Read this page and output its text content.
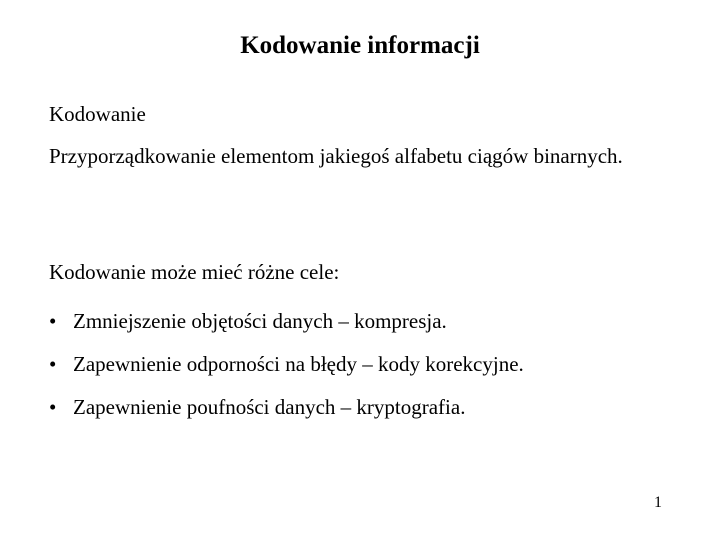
Kodowanie informacji
Kodowanie
Przyporządkowanie elementom jakiegoś alfabetu ciągów binarnych.
Kodowanie może mieć różne cele:
• Zmniejszenie objętości danych – kompresja.
• Zapewnienie odporności na błędy – kody korekcyjne.
• Zapewnienie poufności danych – kryptografia.
1
